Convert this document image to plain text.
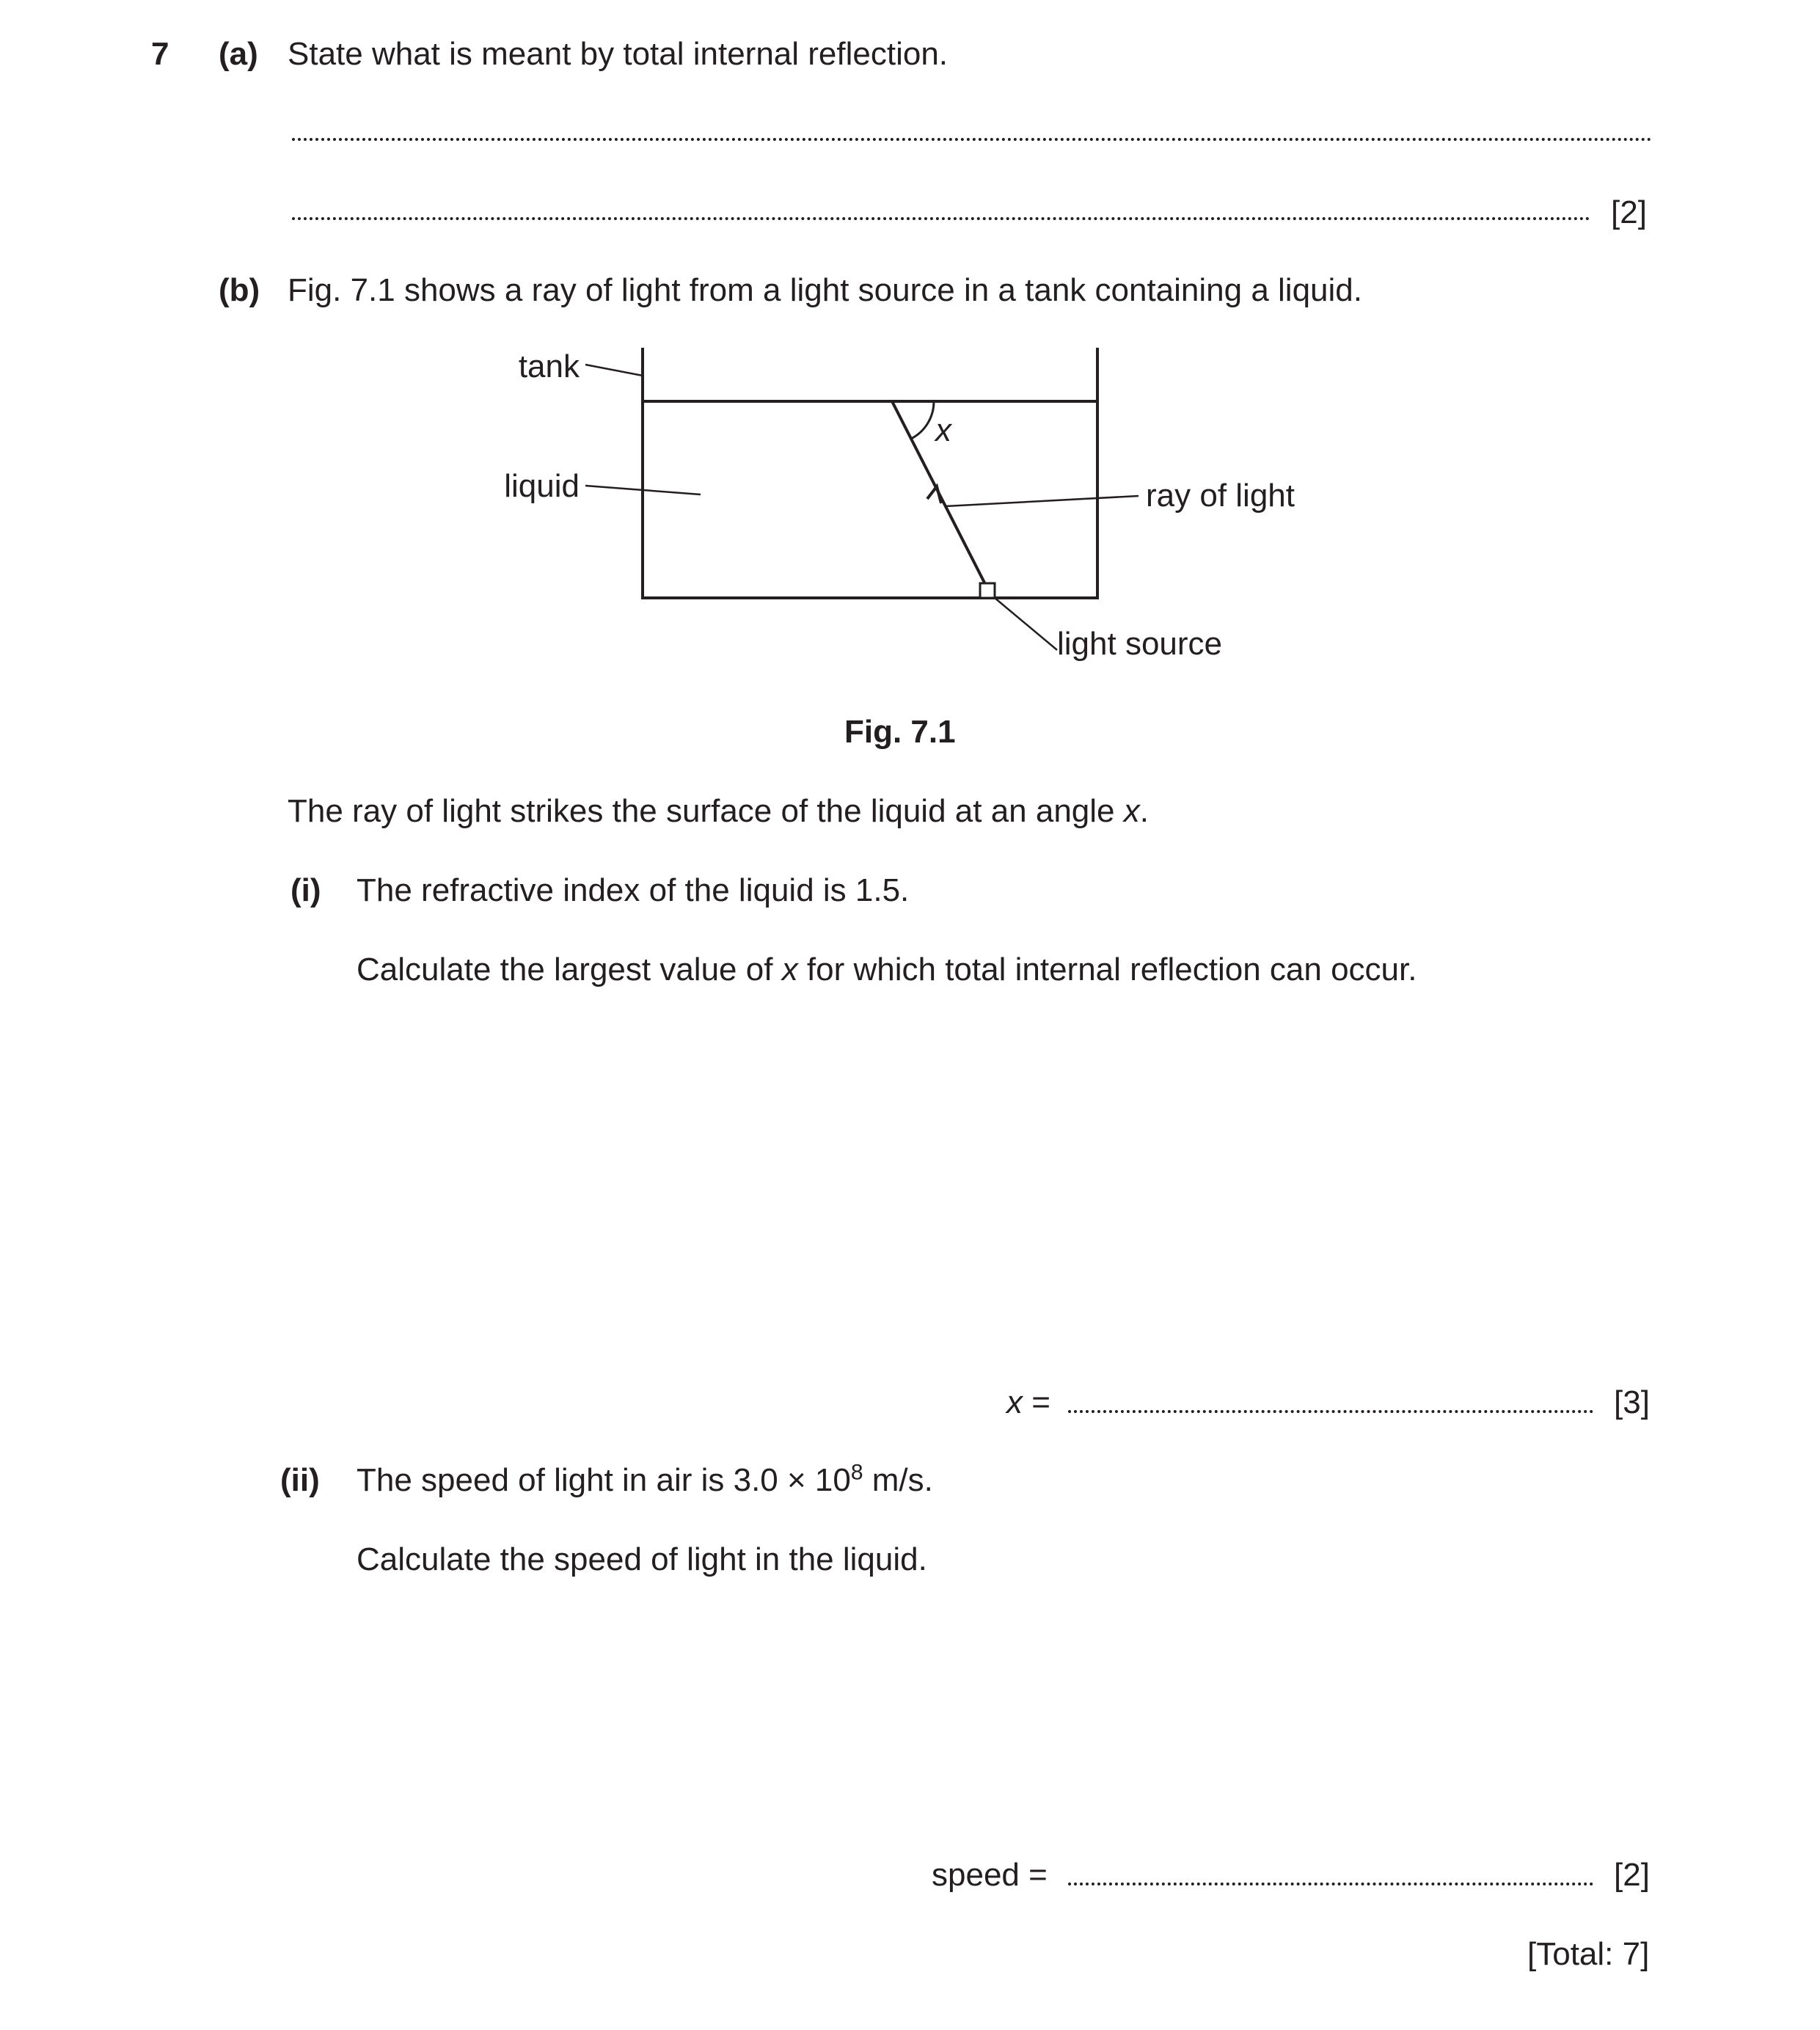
7 (a) State what is meant by total internal reflection.
[2]
(b) Fig. 7.1 shows a ray of light from a light source in a tank containing a liquid.
tank
liquid	ray of light
light source
x
Fig. 7.1
The ray of light strikes the surface of the liquid at an angle x.
(i) The refractive index of the liquid is 1.5.
Calculate the largest value of x for which total internal reflection can occur.
x =	[3]
(ii) The speed of light in air is $3.0 \times 10^8$ m/s.
Calculate the speed of light in the liquid.
speed =	[2]
[Total: 7]
